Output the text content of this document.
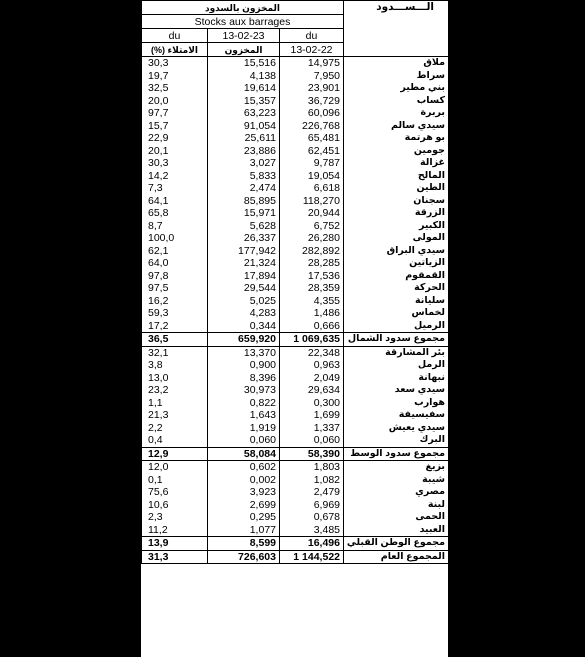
المخزون بالسدود			الـــســـدود
Stocks aux barrages			
du	13-02-23	du	
(%) الامتلاء	المخزون	13-02-22	
30,3	15,516	14,975	ملاق
19,7	4,138	7,950	سراط
32,5	19,614	23,901	بني مطير
20,0	15,357	36,729	كساب
97,7	63,223	60,096	بربرة
15,7	91,054	226,768	سيدي سالم
22,9	25,611	65,481	بو هرتمة
20,1	23,886	62,451	جومين
30,3	3,027	9,787	غزالة
14,2	5,833	19,054	المالح
7,3	2,474	6,618	الطين
64,1	85,895	118,270	سجنان
65,8	15,971	20,944	الزرقة
8,7	5,628	6,752	الكبير
100,0	26,337	26,280	المولى
62,1	177,942	282,892	سيدي البراق
64,0	21,324	28,285	الزياتين
97,8	17,894	17,536	القمقوم
97,5	29,544	28,359	الحركة
16,2	5,025	4,355	سليانة
59,3	4,283	1,486	لخماس
17,2	0,344	0,666	الرميل
36,5	659,920	1 069,635	مجموع سدود الشمال
32,1	13,370	22,348	بئر المشارقة
3,8	0,900	0,963	الرمل
13,0	8,396	2,049	نبهانة
23,2	30,973	29,634	سيدي سعد
1,1	0,822	0,300	هوارب
21,3	1,643	1,699	سفيسيفة
2,2	1,919	1,337	سيدي يعيش
0,4	0,060	0,060	البرك
12,9	58,084	58,390	مجموع سدود الوسط
12,0	0,602	1,803	بزيغ
0,1	0,002	1,082	شيبة
75,6	3,923	2,479	مصري
10,6	2,699	6,969	لبنة
2,3	0,295	0,678	الحمى
11,2	1,077	3,485	العبيد
13,9	8,599	16,496	مجموع الوطن القبلي
31,3	726,603	1 144,522	المجموع العام
